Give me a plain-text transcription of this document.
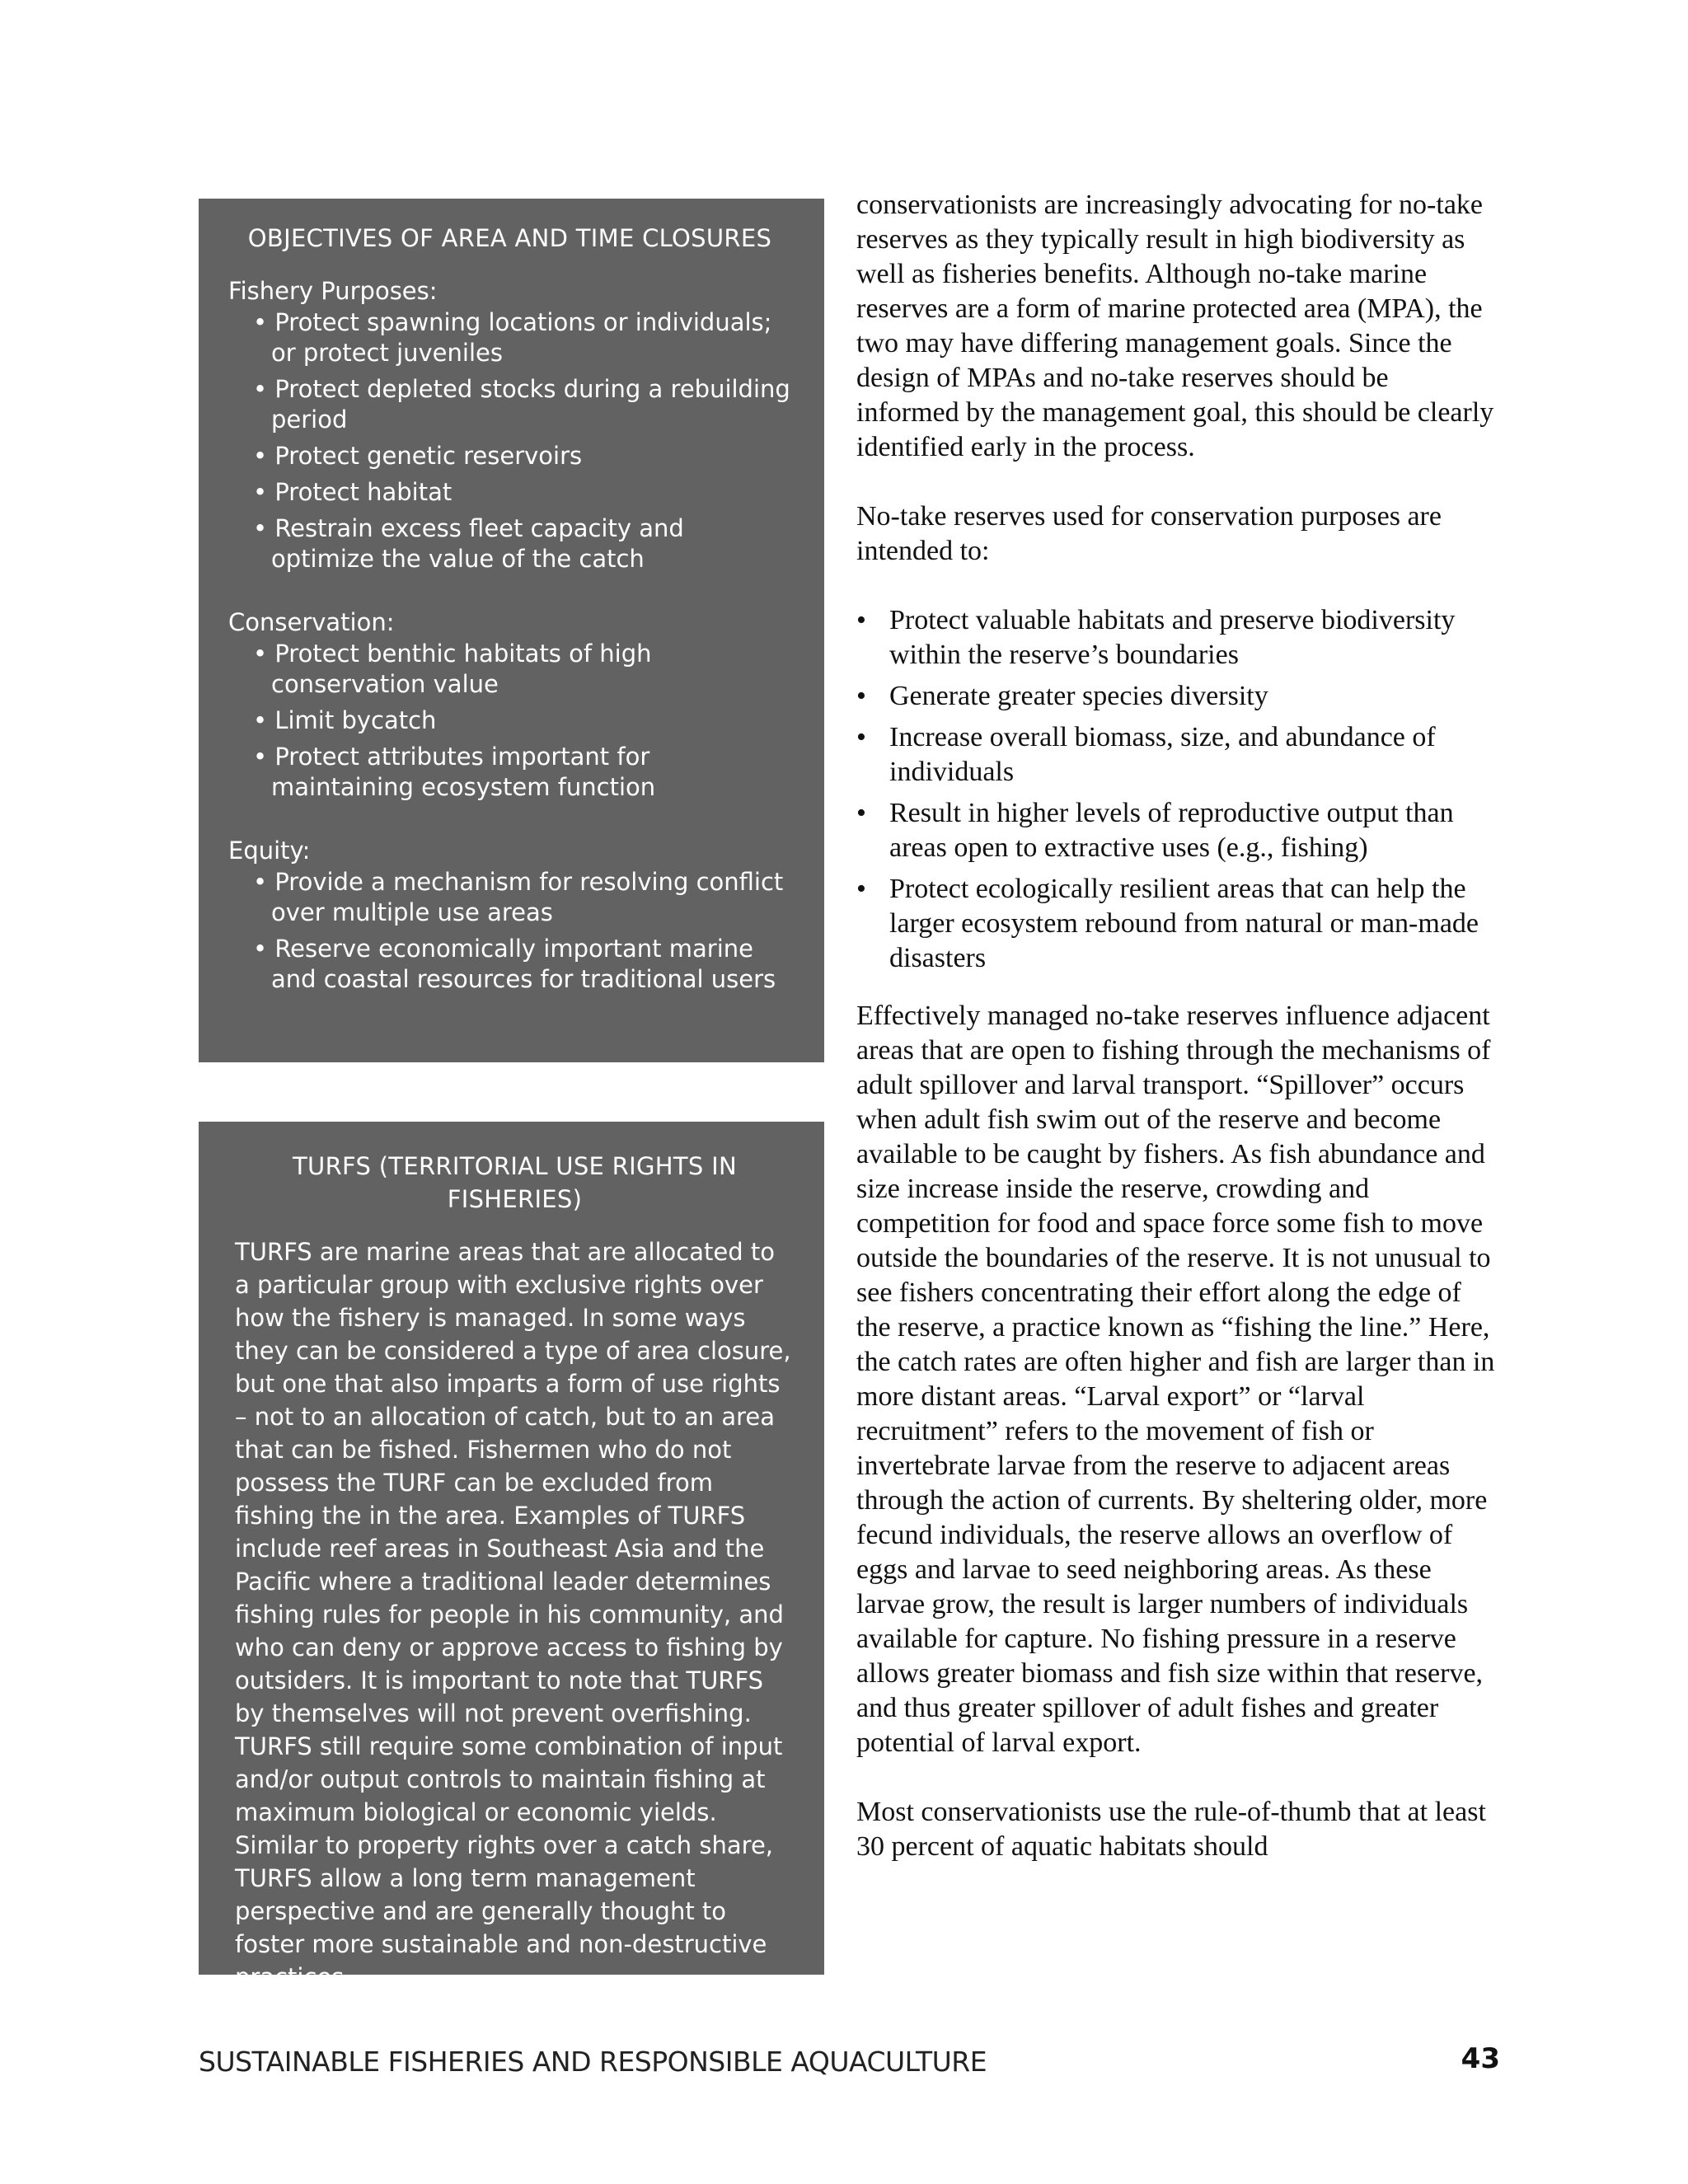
OBJECTIVES OF AREA AND TIME CLOSURES
Fishery Purposes:
• Protect spawning locations or individuals; or protect juveniles
• Protect depleted stocks during a rebuilding period
• Protect genetic reservoirs
• Protect habitat
• Restrain excess fleet capacity and optimize the value of the catch
Conservation:
• Protect benthic habitats of high conservation value
• Limit bycatch
• Protect attributes important for maintaining ecosystem function
Equity:
• Provide a mechanism for resolving conflict over multiple use areas
• Reserve economically important marine and coastal resources for traditional users
TURFS (TERRITORIAL USE RIGHTS IN FISHERIES)

TURFS are marine areas that are allocated to a particular group with exclusive rights over how the fishery is managed. In some ways they can be considered a type of area closure, but one that also imparts a form of use rights – not to an allocation of catch, but to an area that can be fished. Fishermen who do not possess the TURF can be excluded from fishing the in the area. Examples of TURFS include reef areas in Southeast Asia and the Pacific where a traditional leader determines fishing rules for people in his community, and who can deny or approve access to fishing by outsiders. It is important to note that TURFS by themselves will not prevent overfishing. TURFS still require some combination of input and/or output controls to maintain fishing at maximum biological or economic yields. Similar to property rights over a catch share, TURFS allow a long term management perspective and are generally thought to foster more sustainable and non-destructive practices.

conservationists are increasingly advocating for no-take reserves as they typically result in high biodiversity as well as fisheries benefits. Although no-take marine reserves are a form of marine protected area (MPA), the two may have differing management goals. Since the design of MPAs and no-take reserves should be informed by the management goal, this should be clearly identified early in the process.

No-take reserves used for conservation purposes are intended to:

• Protect valuable habitats and preserve biodiversity within the reserve’s boundaries
• Generate greater species diversity
• Increase overall biomass, size, and abundance of individuals
• Result in higher levels of reproductive output than areas open to extractive uses (e.g., fishing)
• Protect ecologically resilient areas that can help the larger ecosystem rebound from natural or man-made disasters

Effectively managed no-take reserves influence adjacent areas that are open to fishing through the mechanisms of adult spillover and larval transport. “Spillover” occurs when adult fish swim out of the reserve and become available to be caught by fishers. As fish abundance and size increase inside the reserve, crowding and competition for food and space force some fish to move outside the boundaries of the reserve. It is not unusual to see fishers concentrating their effort along the edge of the reserve, a practice known as “fishing the line.” Here, the catch rates are often higher and fish are larger than in more distant areas. “Larval export” or “larval recruitment” refers to the movement of fish or invertebrate larvae from the reserve to adjacent areas through the action of currents. By sheltering older, more fecund individuals, the reserve allows an overflow of eggs and larvae to seed neighboring areas. As these larvae grow, the result is larger numbers of individuals available for capture. No fishing pressure in a reserve allows greater biomass and fish size within that reserve, and thus greater spillover of adult fishes and greater potential of larval export.

Most conservationists use the rule-of-thumb that at least 30 percent of aquatic habitats should

SUSTAINABLE FISHERIES AND RESPONSIBLE AQUACULTURE	43
